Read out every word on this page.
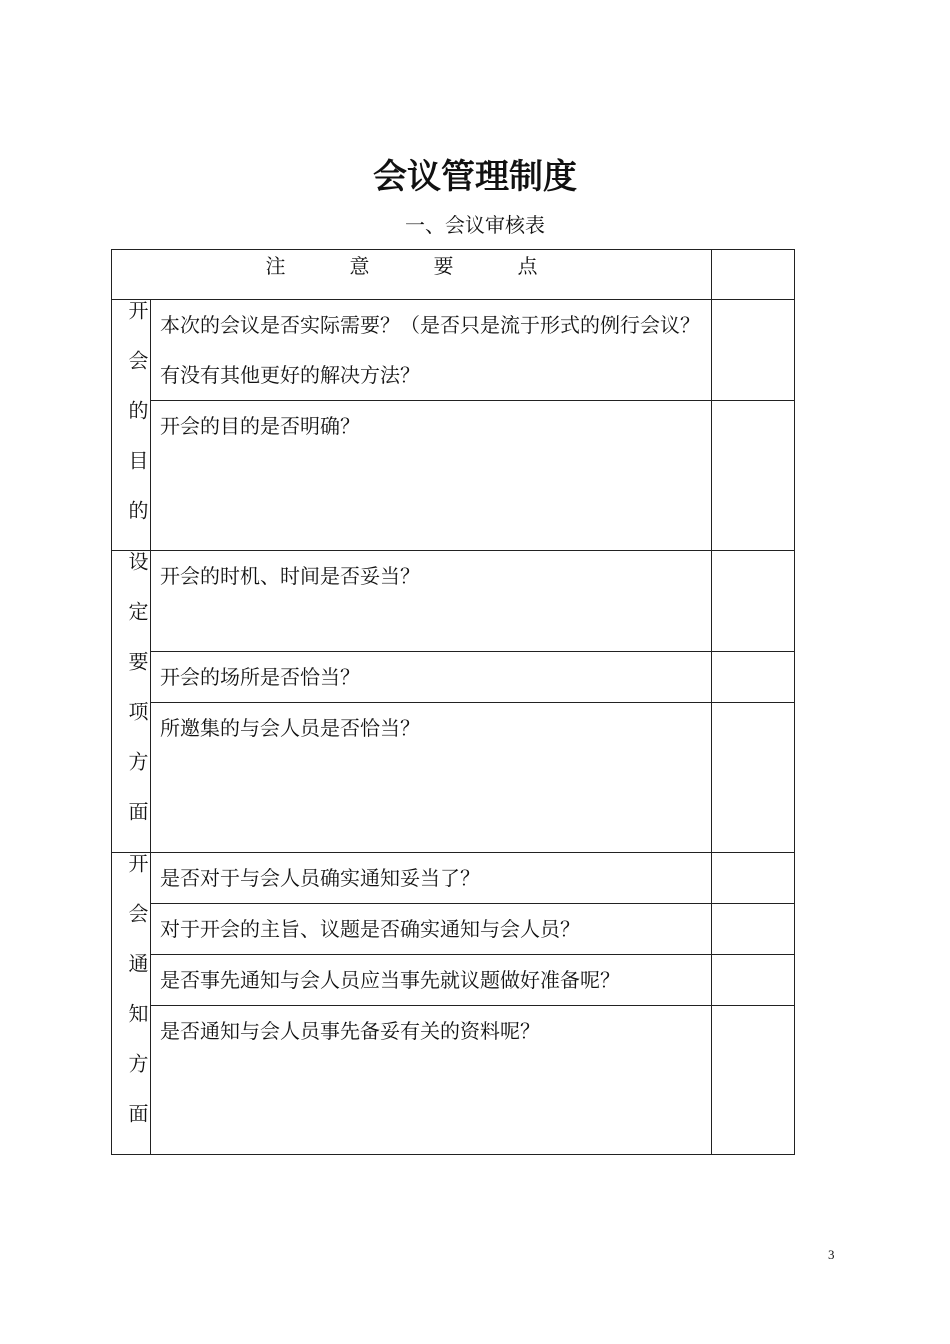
会议管理制度
一、会议审核表
注 意 要 点		

开会的目的	本次的会议是否实际需要？（是否只是流于形式的例行会议？有没有其他更好的解决方法？	

	开会的目的是否明确？	

设定要项方面	开会的时机、时间是否妥当？	

	开会的场所是否恰当？	

	所邀集的与会人员是否恰当？	

开会通知方面	是否对于与会人员确实通知妥当了？	

	对于开会的主旨、议题是否确实通知与会人员？	

	是否事先通知与会人员应当事先就议题做好准备呢？	

	是否通知与会人员事先备妥有关的资料呢？	

3
